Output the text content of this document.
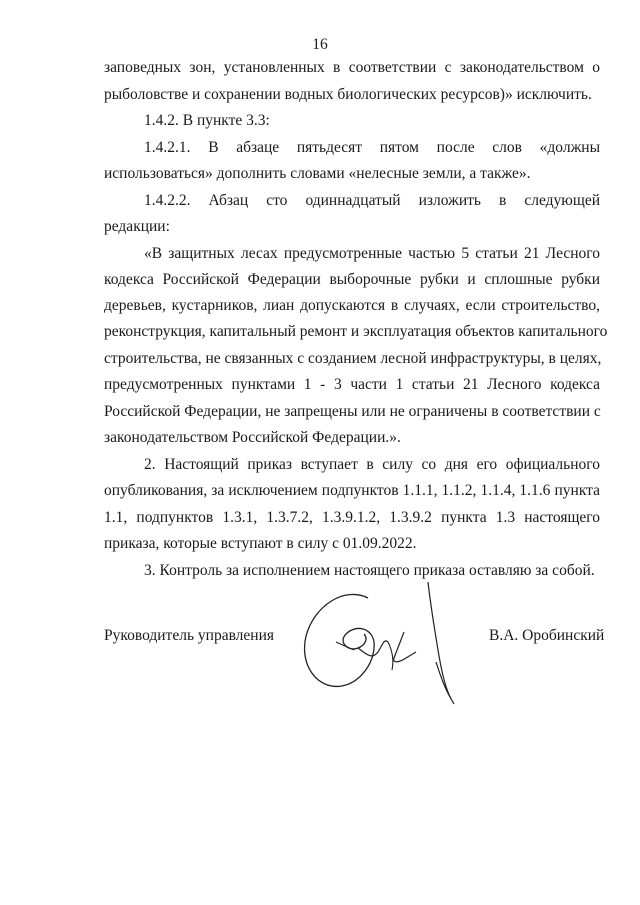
16
заповедных зон, установленных в соответствии с законодательством о
рыболовстве и сохранении водных биологических ресурсов)» исключить.
1.4.2. В пункте 3.3:
1.4.2.1. В абзаце пятьдесят пятом после слов «должны
использоваться» дополнить словами «нелесные земли, а также».
1.4.2.2. Абзац сто одиннадцатый изложить в следующей
редакции:
«В защитных лесах предусмотренные частью 5 статьи 21 Лесного
кодекса Российской Федерации выборочные рубки и сплошные рубки
деревьев, кустарников, лиан допускаются в случаях, если строительство,
реконструкция, капитальный ремонт и эксплуатация объектов капитального
строительства, не связанных с созданием лесной инфраструктуры, в целях,
предусмотренных пунктами 1 - 3 части 1 статьи 21 Лесного кодекса
Российской Федерации, не запрещены или не ограничены в соответствии с
законодательством Российской Федерации.».
2. Настоящий приказ вступает в силу со дня его официального
опубликования, за исключением подпунктов 1.1.1, 1.1.2, 1.1.4, 1.1.6 пункта
1.1, подпунктов 1.3.1, 1.3.7.2, 1.3.9.1.2, 1.3.9.2 пункта 1.3 настоящего
приказа, которые вступают в силу с 01.09.2022.
3. Контроль за исполнением настоящего приказа оставляю за собой.
Руководитель управления	В.А. Оробинский
